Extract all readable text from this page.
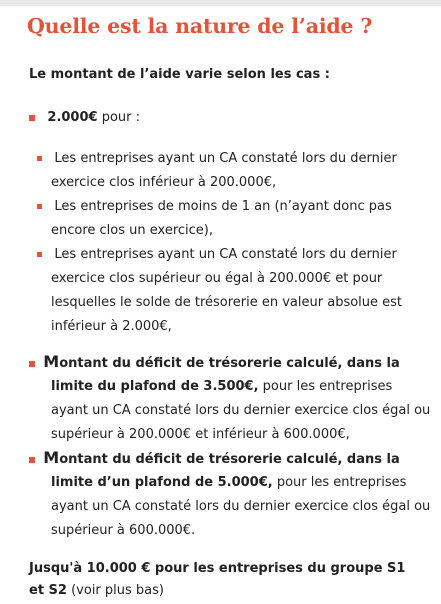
Quelle est la nature de l’aide ?

Le montant de l’aide varie selon les cas :

2.000€ pour :
Les entreprises ayant un CA constaté lors du dernier
exercice clos inférieur à 200.000€,
Les entreprises de moins de 1 an (n’ayant donc pas
encore clos un exercice),
Les entreprises ayant un CA constaté lors du dernier
exercice clos supérieur ou égal à 200.000€ et pour
lesquelles le solde de trésorerie en valeur absolue est
inférieur à 2.000€,
Montant du déficit de trésorerie calculé, dans la
limite du plafond de 3.500€, pour les entreprises
ayant un CA constaté lors du dernier exercice clos égal ou
supérieur à 200.000€ et inférieur à 600.000€,
Montant du déficit de trésorerie calculé, dans la
limite d’un plafond de 5.000€, pour les entreprises
ayant un CA constaté lors du dernier exercice clos égal ou
supérieur à 600.000€.
Jusqu'à 10.000 € pour les entreprises du groupe S1
et S2 (voir plus bas)
